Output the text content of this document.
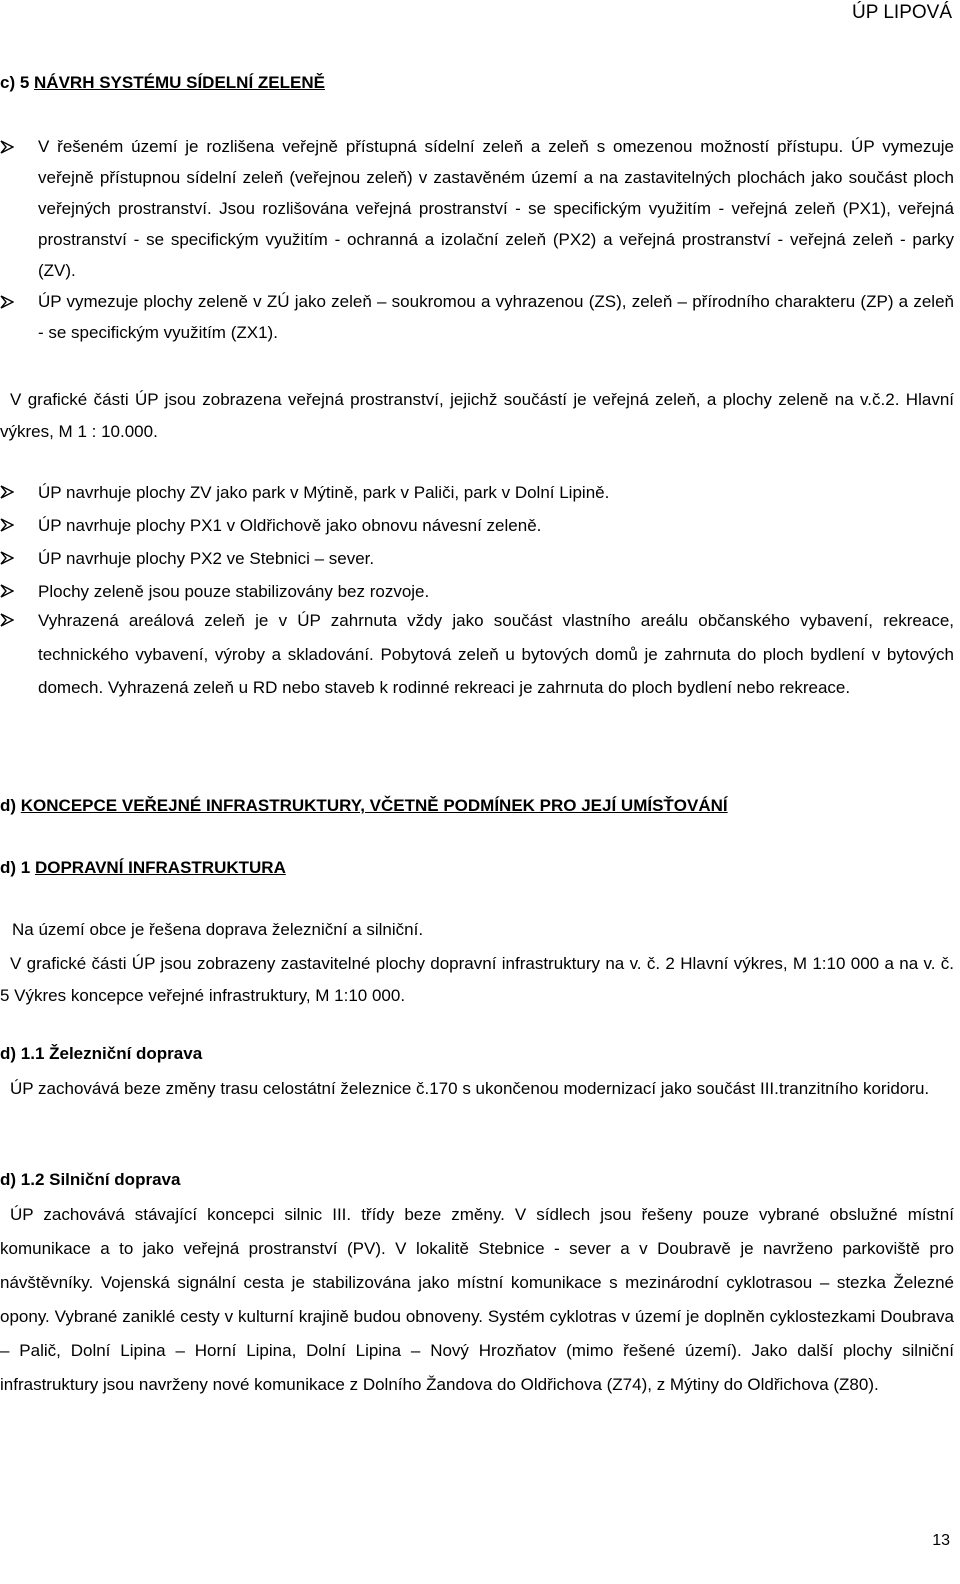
ÚP LIPOVÁ
c) 5 NÁVRH SYSTÉMU SÍDELNÍ ZELENĚ
V řešeném území je rozlišena veřejně přístupná sídelní zeleň a zeleň s omezenou možností přístupu. ÚP vymezuje veřejně přístupnou sídelní zeleň (veřejnou zeleň) v zastavěném území a na zastavitelných plochách jako součást ploch veřejných prostranství. Jsou rozlišována veřejná prostranství - se specifickým využitím - veřejná zeleň (PX1), veřejná prostranství - se specifickým využitím - ochranná a izolační zeleň (PX2) a veřejná prostranství - veřejná zeleň - parky (ZV).
ÚP vymezuje plochy zeleně v ZÚ jako zeleň – soukromou a vyhrazenou (ZS), zeleň – přírodního charakteru (ZP) a zeleň - se specifickým využitím (ZX1).

V grafické části ÚP jsou zobrazena veřejná prostranství, jejichž součástí je veřejná zeleň, a plochy zeleně na v.č.2. Hlavní výkres, M 1 : 10.000.

ÚP navrhuje plochy ZV jako park v Mýtině, park v Paliči, park v Dolní Lipině.
ÚP navrhuje plochy PX1 v Oldřichově jako obnovu návesní zeleně.
ÚP navrhuje plochy PX2 ve Stebnici – sever.
Plochy zeleně jsou pouze stabilizovány bez rozvoje.
Vyhrazená areálová zeleň je v ÚP zahrnuta vždy jako součást vlastního areálu občanského vybavení, rekreace, technického vybavení, výroby a skladování. Pobytová zeleň u bytových domů je zahrnuta do ploch bydlení v bytových domech. Vyhrazená zeleň u RD nebo staveb k rodinné rekreaci je zahrnuta do ploch bydlení nebo rekreace.
d) KONCEPCE VEŘEJNÉ INFRASTRUKTURY, VČETNĚ PODMÍNEK PRO JEJÍ UMÍSŤOVÁNÍ
d) 1 DOPRAVNÍ INFRASTRUKTURA

Na území obce je řešena doprava železniční a silniční.

V grafické části ÚP jsou zobrazeny zastavitelné plochy dopravní infrastruktury na v. č. 2 Hlavní výkres, M 1:10 000 a na v. č. 5 Výkres koncepce veřejné infrastruktury, M 1:10 000.

d) 1.1 Železniční doprava

ÚP zachovává beze změny trasu celostátní železnice č.170 s ukončenou modernizací jako součást III.tranzitního koridoru.

d) 1.2 Silniční doprava

ÚP zachovává stávající koncepci silnic III. třídy beze změny. V sídlech jsou řešeny pouze vybrané obslužné místní komunikace a to jako veřejná prostranství (PV). V lokalitě Stebnice - sever a v Doubravě je navrženo parkoviště pro návštěvníky. Vojenská signální cesta je stabilizována jako místní komunikace s mezinárodní cyklotrasou – stezka Železné opony. Vybrané zaniklé cesty v kulturní krajině budou obnoveny. Systém cyklotras v území je doplněn cyklostezkami Doubrava – Palič, Dolní Lipina – Horní Lipina, Dolní Lipina – Nový Hrozňatov (mimo řešené území). Jako další plochy silniční infrastruktury jsou navrženy nové komunikace z Dolního Žandova do Oldřichova (Z74), z Mýtiny do Oldřichova (Z80).

13
